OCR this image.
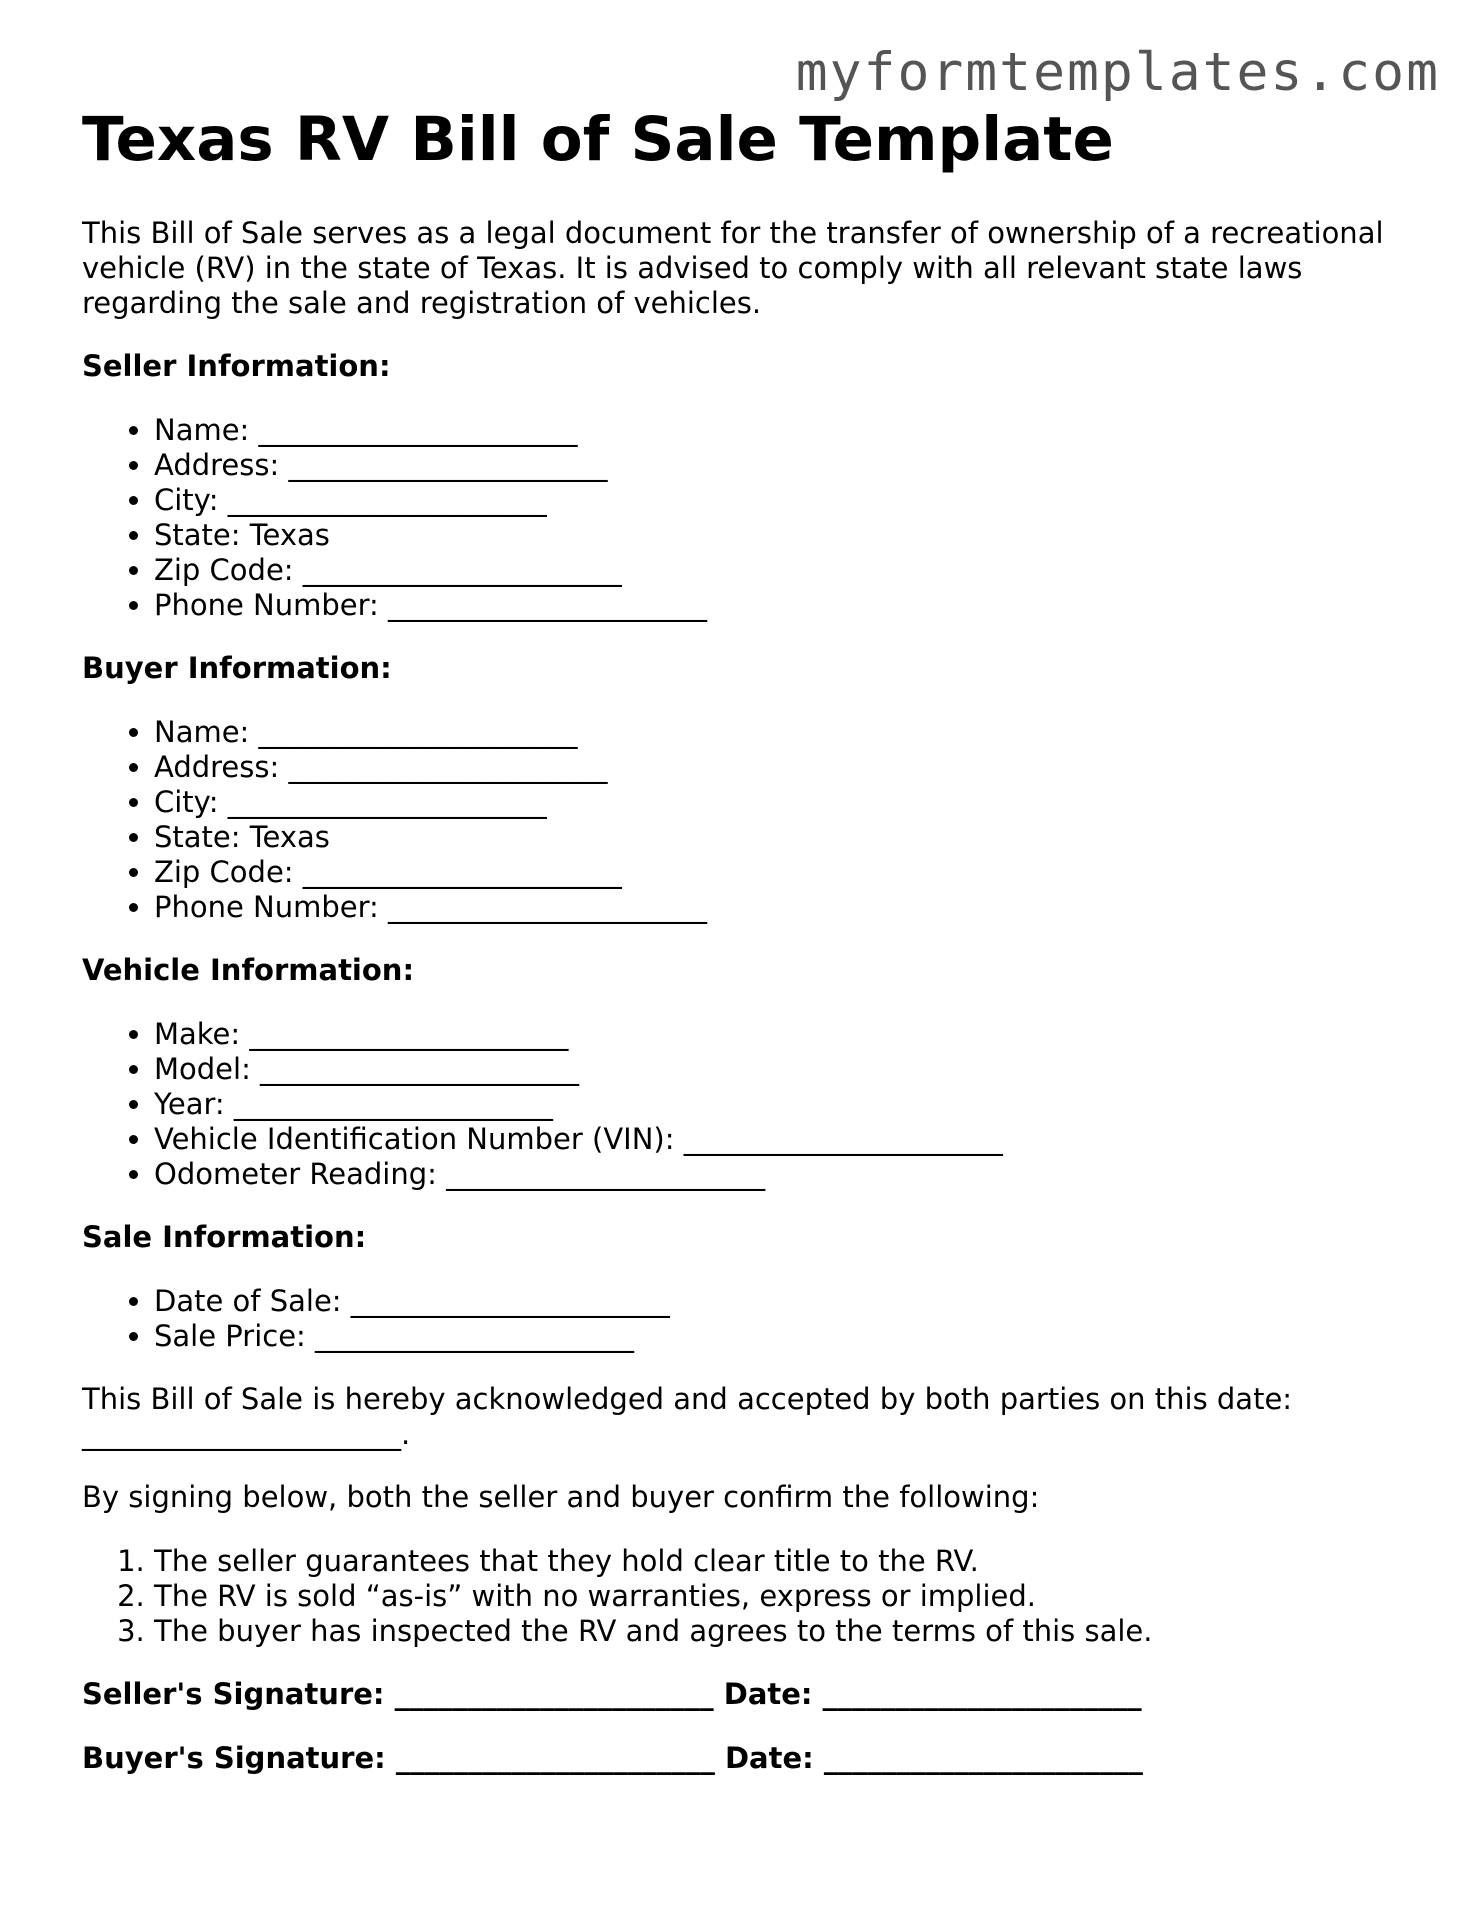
myformtemplates.com
Texas RV Bill of Sale Template

This Bill of Sale serves as a legal document for the transfer of ownership of a recreational vehicle (RV) in the state of Texas. It is advised to comply with all relevant state laws regarding the sale and registration of vehicles.

Seller Information:
• Name: ______________________
• Address: ______________________
• City: ______________________
• State: Texas
• Zip Code: ______________________
• Phone Number: ______________________
Buyer Information:
• Name: ______________________
• Address: ______________________
• City: ______________________
• State: Texas
• Zip Code: ______________________
• Phone Number: ______________________
Vehicle Information:
• Make: ______________________
• Model: ______________________
• Year: ______________________
• Vehicle Identification Number (VIN): ______________________
• Odometer Reading: ______________________
Sale Information:
• Date of Sale: ______________________
• Sale Price: ______________________

This Bill of Sale is hereby acknowledged and accepted by both parties on this date: ______________________.

By signing below, both the seller and buyer confirm the following:

1. The seller guarantees that they hold clear title to the RV.
2. The RV is sold “as-is” with no warranties, express or implied.
3. The buyer has inspected the RV and agrees to the terms of this sale.
Seller's Signature: ______________________ Date: ______________________
Buyer's Signature: ______________________ Date: ______________________
